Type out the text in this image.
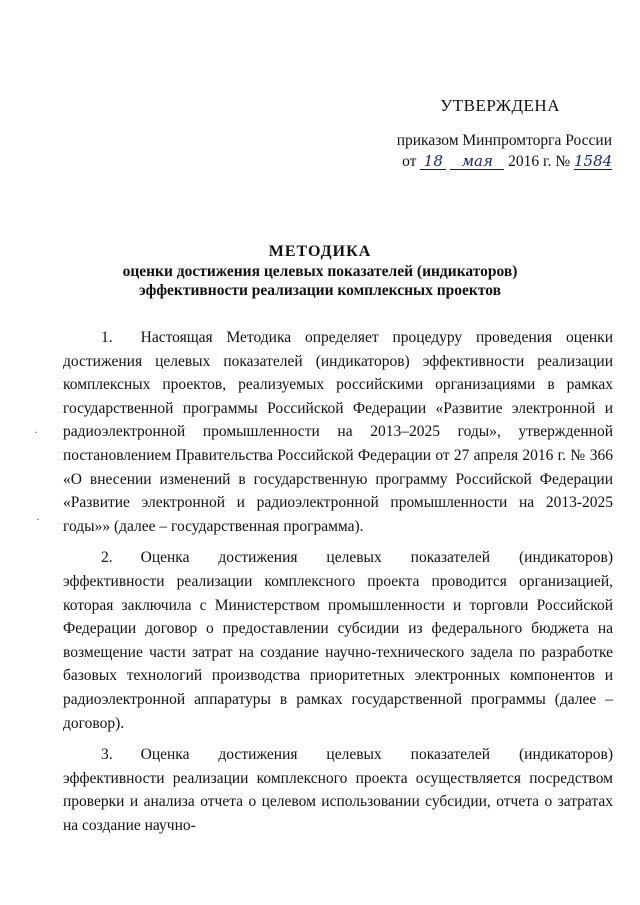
УТВЕРЖДЕНА
приказом Минпромторга России
от 18 мая 2016 г. № 1584
МЕТОДИКА
оценки достижения целевых показателей (индикаторов)
эффективности реализации комплексных проектов

1. Настоящая Методика определяет процедуру проведения оценки достижения целевых показателей (индикаторов) эффективности реализации комплексных проектов, реализуемых российскими организациями в рамках государственной программы Российской Федерации «Развитие электронной и радиоэлектронной промышленности на 2013–2025 годы», утвержденной постановлением Правительства Российской Федерации от 27 апреля 2016 г. № 366 «О внесении изменений в государственную программу Российской Федерации «Развитие электронной и радиоэлектронной промышленности на 2013-2025 годы»» (далее – государственная программа).

2. Оценка достижения целевых показателей (индикаторов) эффективности реализации комплексного проекта проводится организацией, которая заключила с Министерством промышленности и торговли Российской Федерации договор о предоставлении субсидии из федерального бюджета на возмещение части затрат на создание научно-технического задела по разработке базовых технологий производства приоритетных электронных компонентов и радиоэлектронной аппаратуры в рамках государственной программы (далее – договор).

3. Оценка достижения целевых показателей (индикаторов) эффективности реализации комплексного проекта осуществляется посредством проверки и анализа отчета о целевом использовании субсидии, отчета о затратах на создание научно-

·
·
